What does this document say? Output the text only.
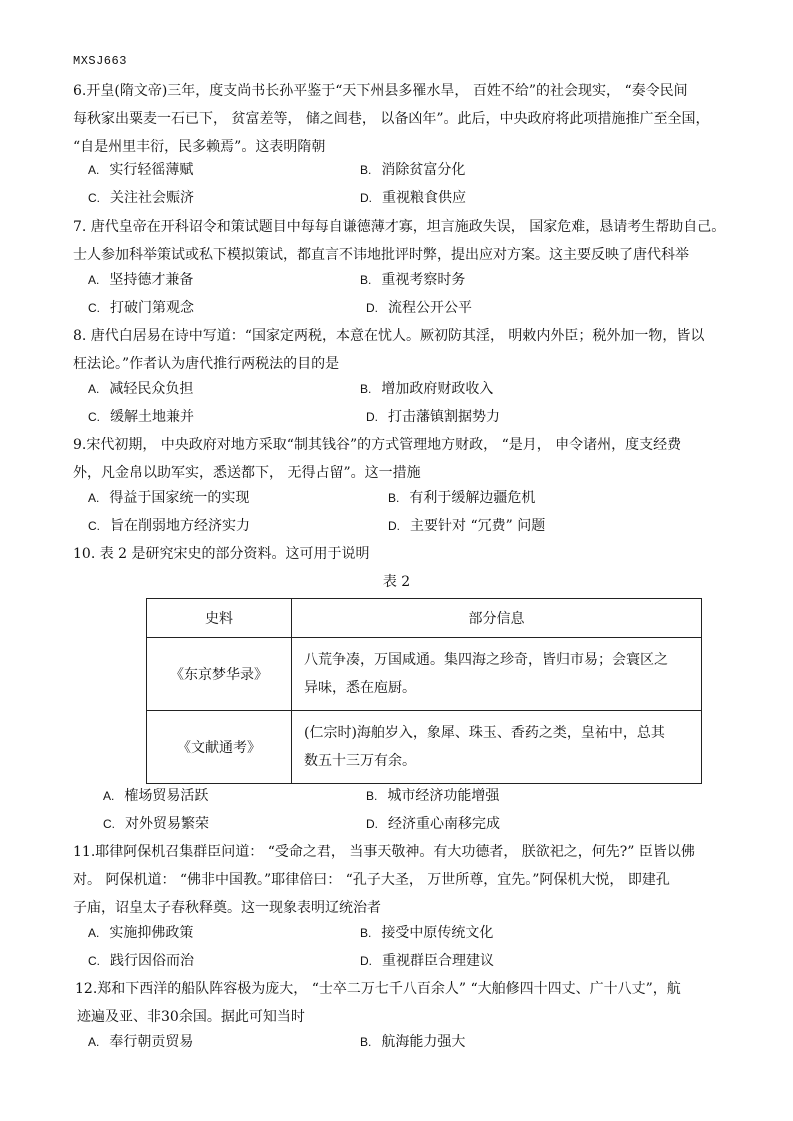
MXSJ663
6.开皇(隋文帝)三年，度支尚书长孙平鉴于“天下州县多罹水旱， 百姓不给”的社会现实， “奏令民间
每秋家出粟麦一石已下， 贫富差等， 储之闾巷， 以备凶年”。此后，中央政府将此项措施推广至全国，
“自是州里丰衍，民多赖焉”。这表明隋朝
A. 实行轻徭薄赋	B. 消除贫富分化
C. 关注社会赈济	D. 重视粮食供应
7. 唐代皇帝在开科诏令和策试题目中每每自谦德薄才寡，坦言施政失误， 国家危难，恳请考生帮助自己。
士人参加科举策试或私下模拟策试，都直言不讳地批评时弊，提出应对方案。这主要反映了唐代科举
A. 坚持德才兼备	B. 重视考察时务
C. 打破门第观念	D. 流程公开公平
8. 唐代白居易在诗中写道：“国家定两税，本意在忧人。厥初防其淫， 明敕内外臣；税外加一物，皆以
枉法论。”作者认为唐代推行两税法的目的是
A. 减轻民众负担	B. 增加政府财政收入
C. 缓解土地兼并	D. 打击藩镇割据势力
9.宋代初期， 中央政府对地方采取“制其钱谷”的方式管理地方财政， “是月， 申令诸州，度支经费
外，凡金帛以助军实，悉送都下， 无得占留”。这一措施
A. 得益于国家统一的实现	B. 有利于缓解边疆危机
C. 旨在削弱地方经济实力	D. 主要针对 “冗费” 问题
10. 表 2 是研究宋史的部分资料。这可用于说明
表 2
史料	部分信息
《东京梦华录》	八荒争凑，万国咸通。集四海之珍奇，皆归市易；会寰区之
异味，悉在庖厨。

《文献通考》	(仁宗时)海舶岁入，象犀、珠玉、香药之类，皇祐中，总其
数五十三万有余。
A. 榷场贸易活跃	B. 城市经济功能增强
C. 对外贸易繁荣	D. 经济重心南移完成
11.耶律阿保机召集群臣问道： “受命之君， 当事天敬神。有大功德者， 朕欲祀之，何先?” 臣皆以佛
对。 阿保机道： “佛非中国教。”耶律倍曰： “孔子大圣， 万世所尊，宜先。”阿保机大悦， 即建孔
子庙，诏皇太子春秋释奠。这一现象表明辽统治者
A. 实施抑佛政策	B. 接受中原传统文化
C. 践行因俗而治	D. 重视群臣合理建议
12.郑和下西洋的船队阵容极为庞大， “士卒二万七千八百余人” “大舶修四十四丈、广十八丈”，航
迹遍及亚、非30余国。据此可知当时
A. 奉行朝贡贸易	B. 航海能力强大
